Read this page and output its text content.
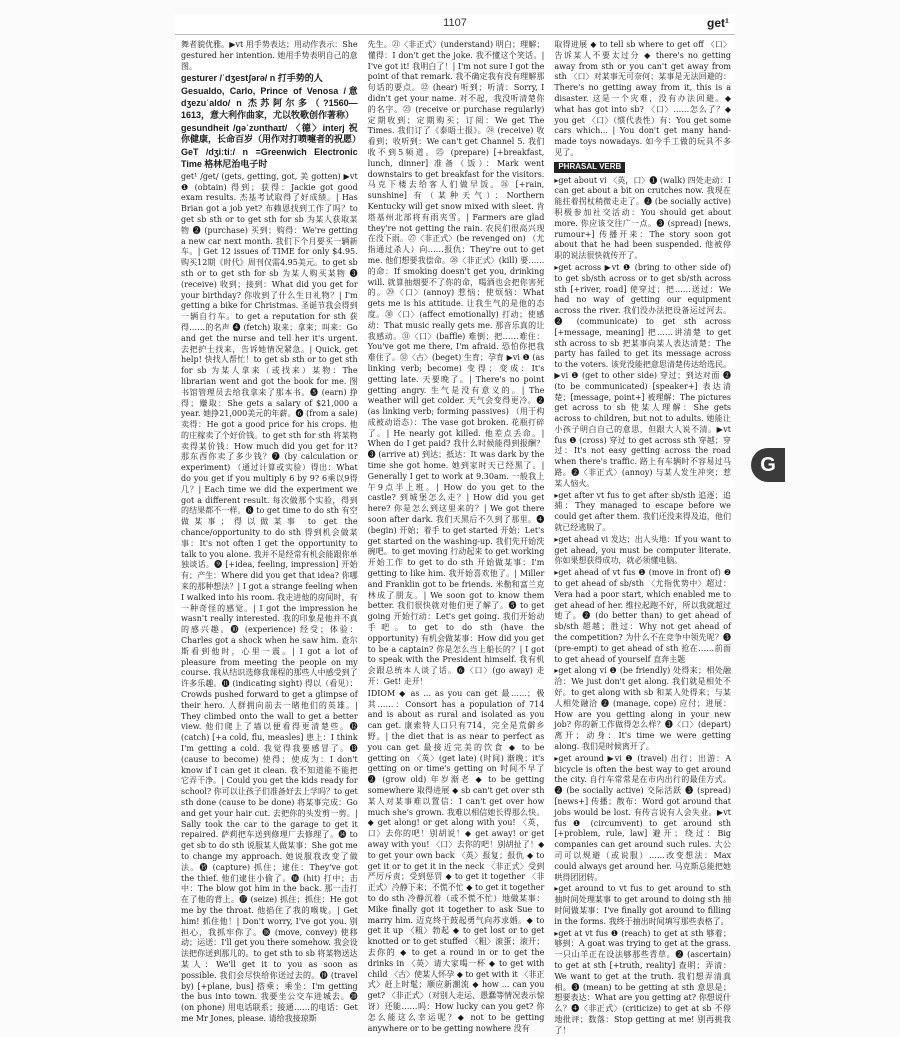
1107	get¹

舞者貌优雅。▶vt 用手势表达；用动作表示：She gestured her intention. 她用手势表明自己的意图。

gesturer /ˈdʒestʃərə/ n 打手势的人

Gesualdo, Carlo, Prince of Venosa /意 dʒezuˈaldo/ n 杰苏阿尔多（?1560—1613，意大利作曲家，尤以牧歌创作著称）

gesundheit /gəˈzʊnthaɪt/ 〈德〉interj 祝你健康，长命百岁（用作对打喷嚏者的祝愿）

GeT /dʒiːtiː/ n =Greenwich Electronic Time 格林尼治电子时

get¹ /get/ (gets, getting, got, 美 gotten) ▶vt ❶ (obtain) 得到；获得：Jackie got good exam results. 杰基考试取得了好成绩。| Has Brian got a job yet? 布赖恩找到工作了吗？to get sb sth or to get sth for sb 为某人获取某物 ❷ (purchase) 买到；购得：We're getting a new car next month. 我们下个月要买一辆新车。| Get 12 issues of TIME for only $4.95. 购买12期《时代》周刊仅需4.95美元。to get sb sth or to get sth for sb 为某人购买某物 ❸ (receive) 收到；接到：What did you get for your birthday? 你收到了什么生日礼物？| I'm getting a bike for Christmas. 圣诞节我会得到一辆自行车。to get a reputation for sth 获得……的名声 ❹ (fetch) 取来；拿来；叫来：Go and get the nurse and tell her it's urgent. 去把护士找来，告诉她情况紧急。| Quick, get help! 快找人帮忙！to get sb sth or to get sth for sb 为某人拿来（或找来）某物：The librarian went and got the book for me. 图书馆管理员去给我拿来了那本书。❺ (earn) 挣得；赚取：She gets a salary of $21,000 a year. 她挣21,000美元的年薪。❻ (from a sale) 卖得：He got a good price for his crops. 他的庄稼卖了个好价钱。to get sth for sth 将某物卖得某价钱：How much did you get for it? 那东西你卖了多少钱？❼ (by calculation or experiment) （通过计算或实验）得出：What do you get if you multiply 6 by 9? 6乘以9得几？| Each time we did the experiment we got a different result. 每次做那个实验，得到的结果都不一样。❽ to get time to do sth 有空做某事；得以做某事 to get the chance/opportunity to do sth 得到机会做某事：It's not often I get the opportunity to talk to you alone. 我并不是经常有机会能跟你单独谈话。❾ [+idea, feeling, impression] 开始有；产生：Where did you get that idea? 你哪来的那种想法？| I got a strange feeling when I walked into his room. 我走进他的房间时，有一种奇怪的感觉。| I got the impression he wasn't really interested. 我的印象是他并不真的感兴趣。❿ (experience) 经受；体验：Charles got a shock when he saw him. 查尔斯看到他时，心里一震。| I got a lot of pleasure from meeting the people on my course. 我从结识选修我课程的那些人中感受到了许多乐趣。⓫ (indicating sight) 得以（看见）：Crowds pushed forward to get a glimpse of their hero. 人群拥向前去一睹他们的英雄。| They climbed onto the wall to get a better view. 他们爬上了墙以便看得更清楚些。⓬ (catch) [+a cold, flu, measles] 患上：I think I'm getting a cold. 我觉得我要感冒了。⓭ (cause to become) 使得；使成为：I don't know if I can get it clean. 我不知道能不能把它弄干净。| Could you get the kids ready for school? 你可以让孩子们准备好去上学吗？to get sth done (cause to be done) 将某事完成：Go and get your hair cut. 去把你的头发剪一剪。| Sally took the car to the garage to get it repaired. 萨莉把车送到修理厂去修理了。⓮ to get sb to do sth 说服某人做某事：She got me to change my approach. 她说服我改变了做法。⓯ (capture) 抓住；逮住：They've got the thief. 他们逮住小偷了。⓰ (hit) 打中；击中：The blow got him in the back. 那一击打在了他的背上。⓱ (seize) 抓住；抓住：He got me by the throat. 他掐住了我的喉咙。| Get him! 抓住他！| Don't worry, I've got you. 别担心，我抓牢你了。⓲ (move, convey) 使移动；运送：I'll get you there somehow. 我会设法把你送到那儿的。to get sth to sb 将某物送达某人：We'll get it to you as soon as possible. 我们会尽快给你送过去的。⓳ (travel by) [+plane, bus] 搭乘；乘坐：I'm getting the bus into town. 我要坐公交车进城去。⓴ (on phone) 用电话联系；接通……的电话：Get me Mr Jones, please. 请给我接琼斯

先生。㉑〈非正式〉(understand) 明白；理解；懂得：I don't get the joke. 我不懂这个笑话。| I've got it! 我明白了！| I'm not sure I got the point of that remark. 我不确定我有没有理解那句话的要点。㉒ (hear) 听到；听清：Sorry, I didn't get your name. 对不起，我没听清楚你的名字。㉓ (receive or purchase regularly) 定期收到；定期购买；订阅：We get The Times. 我们订了《泰晤士报》。㉔ (receive) 收看到；收听到：We can't get Channel 5. 我们收不到5频道。㉕ (prepare) [+breakfast, lunch, dinner] 准备（饭）：Mark went downstairs to get breakfast for the visitors. 马克下楼去给客人们做早饭。㉖ [+rain, sunshine] 有（某种天气）：Northern Kentucky will get snow mixed with sleet. 肯塔基州北部将有雨夹雪。| Farmers are glad they're not getting the rain. 农民们很高兴现在没下雨。㉗〈非正式〉(be revenged on) （尤指通过杀人）向……报仇：They're out to get me. 他们想要我偿命。㉘〈非正式〉(kill) 要……的命：If smoking doesn't get you, drinking will. 就算抽烟要不了你的命，喝酒也会把你害死的。㉙〈口〉(annoy) 惹恼；使烦恼：What gets me is his attitude. 让我生气的是他的态度。㉚〈口〉(affect emotionally) 打动；使感动：That music really gets me. 那音乐真的让我感动。㉛〈口〉(baffle) 难倒；把……难住：You've got me there, I'm afraid. 恐怕你把我难住了。㉜〈古〉(beget) 生育；孕育 ▶vi ❶ (as linking verb; become) 变得；变成：It's getting late. 天要晚了。| There's no point getting angry. 生气是没有意义的。| The weather will get colder. 天气会变得更冷。❷ (as linking verb; forming passives) （用于构成被动语态）：The vase got broken. 花瓶打碎了。| He nearly got killed. 他差点丢命。| When do I get paid? 我什么时候能得到报酬？❸ (arrive at) 到达；抵达：It was dark by the time she got home. 她到家时天已经黑了。| Generally I get to work at 9.30am. 一般我上午9点半上班。| How do you get to the castle? 到城堡怎么走？| How did you get here? 你是怎么到这里来的？| We got there soon after dark. 我们天黑后不久到了那里。❹ (begin) 开始；着手 to get started 开始：Let's get started on the washing-up. 我们先开始洗碗吧。to get moving 行动起来 to get working 开始工作 to get to do sth 开始做某事：I'm getting to like him. 我开始喜欢他了。| Miller and Franklin got to be friends. 米勒和富兰克林成了朋友。| We soon got to know them better. 我们很快就对他们更了解了。❺ to get going 开始行动：Let's get going. 我们开始动手吧。to get to do sth (have the opportunity) 有机会做某事：How did you get to be a captain? 你是怎么当上船长的？| I got to speak with the President himself. 我有机会跟总统本人谈了话。❻〈口〉(go away) 走开：Get! 走开！

IDIOM ◆ as ... as you can get 最……；极其……：Consort has a population of 714 and is about as rural and isolated as you can get. 康索特人口只有714，完全是荒僻乡野。| the diet that is as near to perfect as you can get 最接近完美的饮食 ◆ to be getting on 〈英〉(get late) (时间) 渐晚；it's getting on or time's getting on 时间不早了 ❷ (grow old) 年岁渐老 ◆ to be getting somewhere 取得进展 ◆ sb can't get over sth 某人对某事难以置信：I can't get over how much she's grown. 我难以相信她长得那么快。◆ get along! or get along with you! 〈英，口〉去你的吧！别胡说！◆ get away! or get away with you! 〈口〉去你的吧！别胡扯了！◆ to get your own back 〈英〉报复；报仇 ◆ to get it or to get it in the neck 〈非正式〉受到严厉斥责；受到惩罚 ◆ to get it together 〈非正式〉冷静下来；不慌不忙 ◆ to get it together to do sth 冷静沉着（或不慌不忙）地做某事：Mike finally got it together to ask Sue to marry him. 迈克终于鼓起勇气向苏求婚。◆ to get it up 〈粗〉勃起 ◆ to get lost or to get knotted or to get stuffed 〈粗〉滚蛋；滚开；去你的 ◆ to get a round in or to get the drinks in 〈英〉请大家喝一杯 ◆ to get with child 〈古〉使某人怀孕 ◆ to get with it 〈非正式〉赶上时髦；顺应新潮流 ◆ how ... can you get? 〈非正式〉（对别人走运、愚蠢等情况表示惊讶）还能……吗：How lucky can you get? 你怎么能这么幸运呢？◆ not to be getting anywhere or to be getting nowhere 没有

取得进展 ◆ to tell sb where to get off 〈口〉告诉某人不要太过分 ◆ there's no getting away from sth or you can't get away from sth 〈口〉对某事无可奈何；某事是无法回避的：There's no getting away from it, this is a disaster. 这是一个灾难，没有办法回避。◆ what has got into sb? 〈口〉……怎么了？◆ you get 〈口〉（惯代表性）有：You get some cars which... | You don't get many hand-made toys nowadays. 如今手工做的玩具不多见了。

PHRASAL VERB

▸get about vi 〈英，口〉❶ (walk) 四处走动：I can get about a bit on crutches now. 我现在能拄着拐杖稍微走走了。❷ (be socially active) 积极参加社交活动：You should get about more. 你应该交往广一点。❸ (spread) [news, rumour+] 传播开来：The story soon got about that he had been suspended. 他被停职的说法很快就传开了。

▸get across ▶vt ❶ (bring to other side of) to get sb/sth across or to get sb/sth across sth [+river, road] 使穿过；把……送过：We had no way of getting our equipment across the river. 我们没办法把设备运过河去。❷ (communicate) to get sth across [+message, meaning] 把……讲清楚 to get sth across to sb 把某事向某人表达清楚：The party has failed to get its message across to the voters. 该党没能把意思清楚传达给选民。▶vi ❶ (get to other side) 穿过；到达对面 ❷ (to be communicated) [speaker+] 表达清楚；[message, point+] 被理解：The pictures get across to sb 使某人理解：She gets across to children, but not to adults. 她能让小孩子明白自己的意思，但跟大人说不清。▶vt fus ❶ (cross) 穿过 to get across sth 穿越；穿过：It's not easy getting across the road when there's traffic. 路上有车辆时不容易过马路。❷〈非正式〉(annoy) 与某人发生冲突；惹某人恼火。

▸get after vt fus to get after sb/sth 追逐；追捕：They managed to escape before we could get after them. 我们还没来得及追，他们就已经逃脱了。

▸get ahead vi 发达；出人头地：If you want to get ahead, you must be computer literate. 你如果想获得成功，就必须懂电脑。

▸get ahead of vt fus ❶ (move in front of) ❷ to get ahead of sb/sth 〈尤指优势中〉超过：Vera had a poor start, which enabled me to get ahead of her. 维拉起跑不好，所以我就超过她了。❷ (do better than) to get ahead of sb/sth 超越；胜过：Why not get ahead of the competition? 为什么不在竞争中领先呢？❸ (pre-empt) to get ahead of sth 抢在……前面 to get ahead of yourself 直奔主题

▸get along vi ❶ (be friendly) 处得来；相处融洽：We just don't get along. 我们就是相处不好。to get along with sb 和某人处得来；与某人相处融洽 ❷ (manage, cope) 应付；进展：How are you getting along in your new job? 你的新工作做得怎么样？❸〈口〉(depart) 离开；动身：It's time we were getting along. 我们是时候离开了。

▸get around ▶vi ❶ (travel) 出行；出游：A bicycle is often the best way to get around the city. 自行车常常是在市内出行的最佳方式。❷ (be socially active) 交际活跃 ❸ (spread) [news+] 传播；散布：Word got around that jobs would be lost. 有传言说有人会失业。▶vt fus ❶ (circumvent) to get around sth [+problem, rule, law] 避开；绕过：Big companies can get around such rules. 大公司可以规避（或说服）……改变想法：Max could always get around her. 马克斯总能把她哄得团团转。

▸get around to vt fus to get around to sth 抽时间处理某事 to get around to doing sth 抽时间做某事：I've finally got around to filling in the forms. 我终于抽出时间填写那些表格了。

▸get at vt fus ❶ (reach) to get at sth 够着；够到：A goat was trying to get at the grass. 一只山羊正在设法够那些青草。❷ (ascertain) to get at sth [+truth, reality] 查明；弄清：We want to get at the truth. 我们想弄清真相。❸ (mean) to be getting at sth 意思是；想要表达：What are you getting at? 你想说什么？❹〈非正式〉(criticize) to get at sb 不停地批评；数落：Stop getting at me! 别再挑我了！

G
